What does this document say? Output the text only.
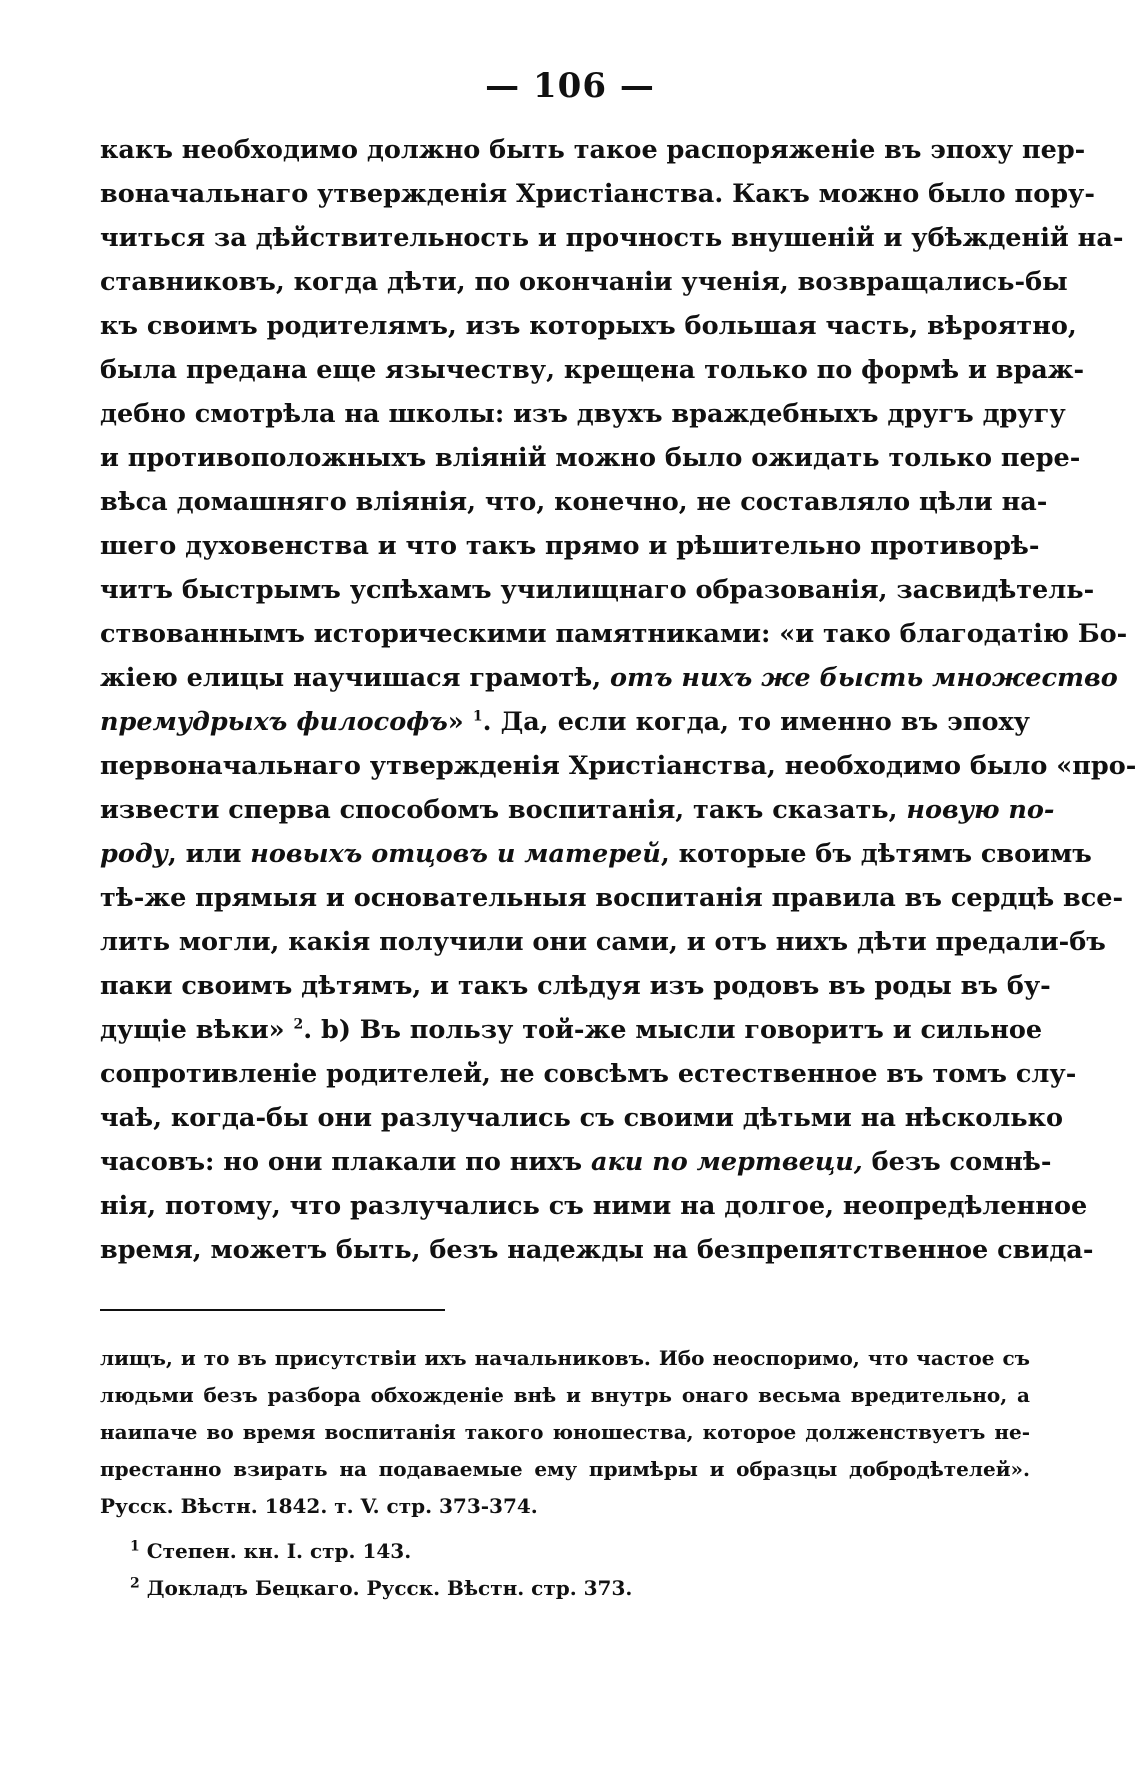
— 106 —
какъ необходимо должно быть такое распоряженіе въ эпоху пер-
воначальнаго утвержденія Христіанства. Какъ можно было пору-
читься за дѣйствительность и прочность внушеній и убѣжденій на-
ставниковъ, когда дѣти, по окончаніи ученія, возвращались-бы
къ своимъ родителямъ, изъ которыхъ большая часть, вѣроятно,
была предана еще язычеству, крещена только по формѣ и враж-
дебно смотрѣла на школы: изъ двухъ враждебныхъ другъ другу
и противоположныхъ вліяній можно было ожидать только пере-
вѣса домашняго вліянія, что, конечно, не составляло цѣли на-
шего духовенства и что такъ прямо и рѣшительно противорѣ-
читъ быстрымъ успѣхамъ училищнаго образованія, засвидѣтель-
ствованнымъ историческими памятниками: «и тако благодатію Бо-
жіею елицы научишася грамотѣ, отъ нихъ же бысть множество
премудрыхъ философъ» $^1$. Да, если когда, то именно въ эпоху
первоначальнаго утвержденія Христіанства, необходимо было «про-
извести сперва способомъ воспитанія, такъ сказать, новую по-
роду, или новыхъ отцовъ и матерей, которые бъ дѣтямъ своимъ
тѣ-же прямыя и основательныя воспитанія правила въ сердцѣ все-
лить могли, какія получили они сами, и отъ нихъ дѣти предали-бъ
паки своимъ дѣтямъ, и такъ слѣдуя изъ родовъ въ роды въ бу-
дущіе вѣки» $^2$. b) Въ пользу той-же мысли говоритъ и сильное
сопротивленіе родителей, не совсѣмъ естественное въ томъ слу-
чаѣ, когда-бы они разлучались съ своими дѣтьми на нѣсколько
часовъ: но они плакали по нихъ аки по мертвеци, безъ сомнѣ-
нія, потому, что разлучались съ ними на долгое, неопредѣленное
время, можетъ быть, безъ надежды на безпрепятственное свида-
лищъ, и то въ присутствіи ихъ начальниковъ. Ибо неоспоримо, что частое съ
людьми безъ разбора обхожденіе внѣ и внутрь онаго весьма вредительно, а
наипаче во время воспитанія такого юношества, которое долженствуетъ не-
престанно взирать на подаваемые ему примѣры и образцы добродѣтелей».
Русск. Вѣстн. 1842. т. V. стр. 373-374.
$^1$ Степен. кн. I. стр. 143.
$^2$ Докладъ Бецкаго. Русск. Вѣстн. стр. 373.
